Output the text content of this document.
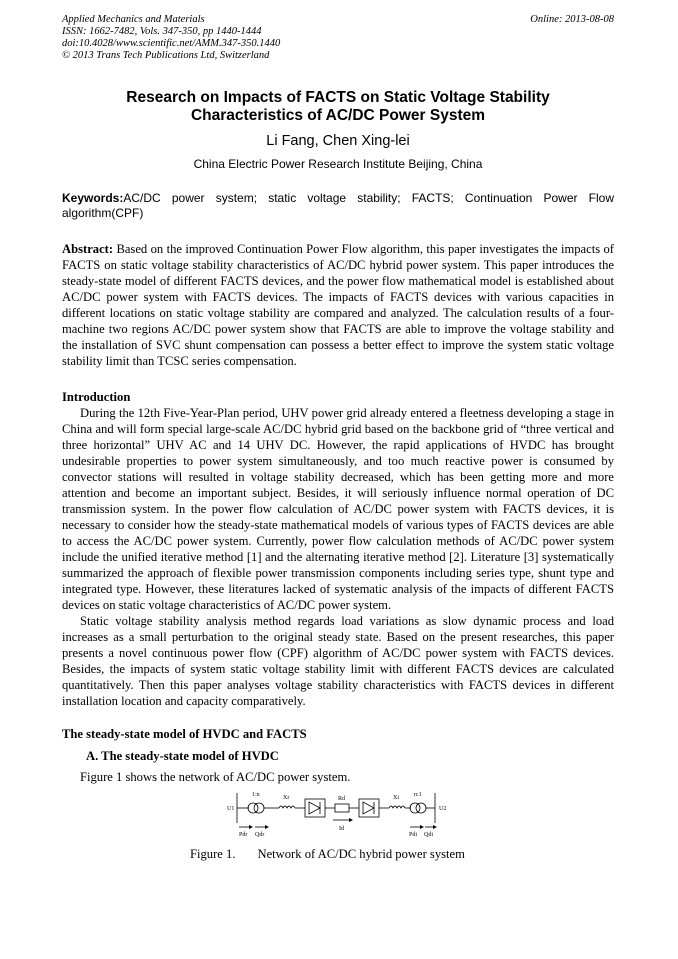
Applied Mechanics and Materials
ISSN: 1662-7482, Vols. 347-350, pp 1440-1444
doi:10.4028/www.scientific.net/AMM.347-350.1440
© 2013 Trans Tech Publications Ltd, Switzerland
Online: 2013-08-08
Research on Impacts of FACTS on Static Voltage Stability
Characteristics of AC/DC Power System
Li Fang, Chen Xing-lei
China Electric Power Research Institute Beijing, China
Keywords:AC/DC power system; static voltage stability; FACTS; Continuation Power Flow algorithm(CPF)
Abstract: Based on the improved Continuation Power Flow algorithm, this paper investigates the impacts of FACTS on static voltage stability characteristics of AC/DC hybrid power system. This paper introduces the steady-state model of different FACTS devices, and the power flow mathematical model is established about AC/DC power system with FACTS devices. The impacts of FACTS devices with various capacities in different locations on static voltage stability are compared and analyzed. The calculation results of a four-machine two regions AC/DC power system show that FACTS are able to improve the voltage stability and the installation of SVC shunt compensation can possess a better effect to improve the system static voltage stability limit than TCSC series compensation.
Introduction

During the 12th Five-Year-Plan period, UHV power grid already entered a fleetness developing a stage in China and will form special large-scale AC/DC hybrid grid based on the backbone grid of “three vertical and three horizontal” UHV AC and 14 UHV DC. However, the rapid applications of HVDC has brought undesirable properties to power system simultaneously, and too much reactive power is consumed by convector stations will resulted in voltage stability decreased, which has been getting more and more attention and become an important subject. Besides, it will seriously influence normal operation of DC transmission system. In the power flow calculation of AC/DC power system with FACTS devices, it is necessary to consider how the steady-state mathematical models of various types of FACTS devices are able to access the AC/DC power system. Currently, power flow calculation methods of AC/DC power system include the unified iterative method [1] and the alternating iterative method [2]. Literature [3] systematically summarized the approach of flexible power transmission components including series type, shunt type and integrated type. However, these literatures lacked of systematic analysis of the impacts of different FACTS devices on static voltage characteristics of AC/DC power system.

Static voltage stability analysis method regards load variations as slow dynamic process and load increases as a small perturbation to the original steady state. Based on the present researches, this paper presents a novel continuous power flow (CPF) algorithm of AC/DC power system with FACTS devices. Besides, the impacts of system static voltage stability limit with different FACTS devices are calculated quantitatively. Then this paper analyses voltage stability characteristics with FACTS devices in different installation location and capacity comparatively.

The steady-state model of HVDC and FACTS
A. The steady-state model of HVDC
Figure 1 shows the network of AC/DC power system.
U1	U2
1:n	Xr	Rd	Xi	n:1
Id
Pdr Qdr	Pdi Qdi
Figure 1. Network of AC/DC hybrid power system
